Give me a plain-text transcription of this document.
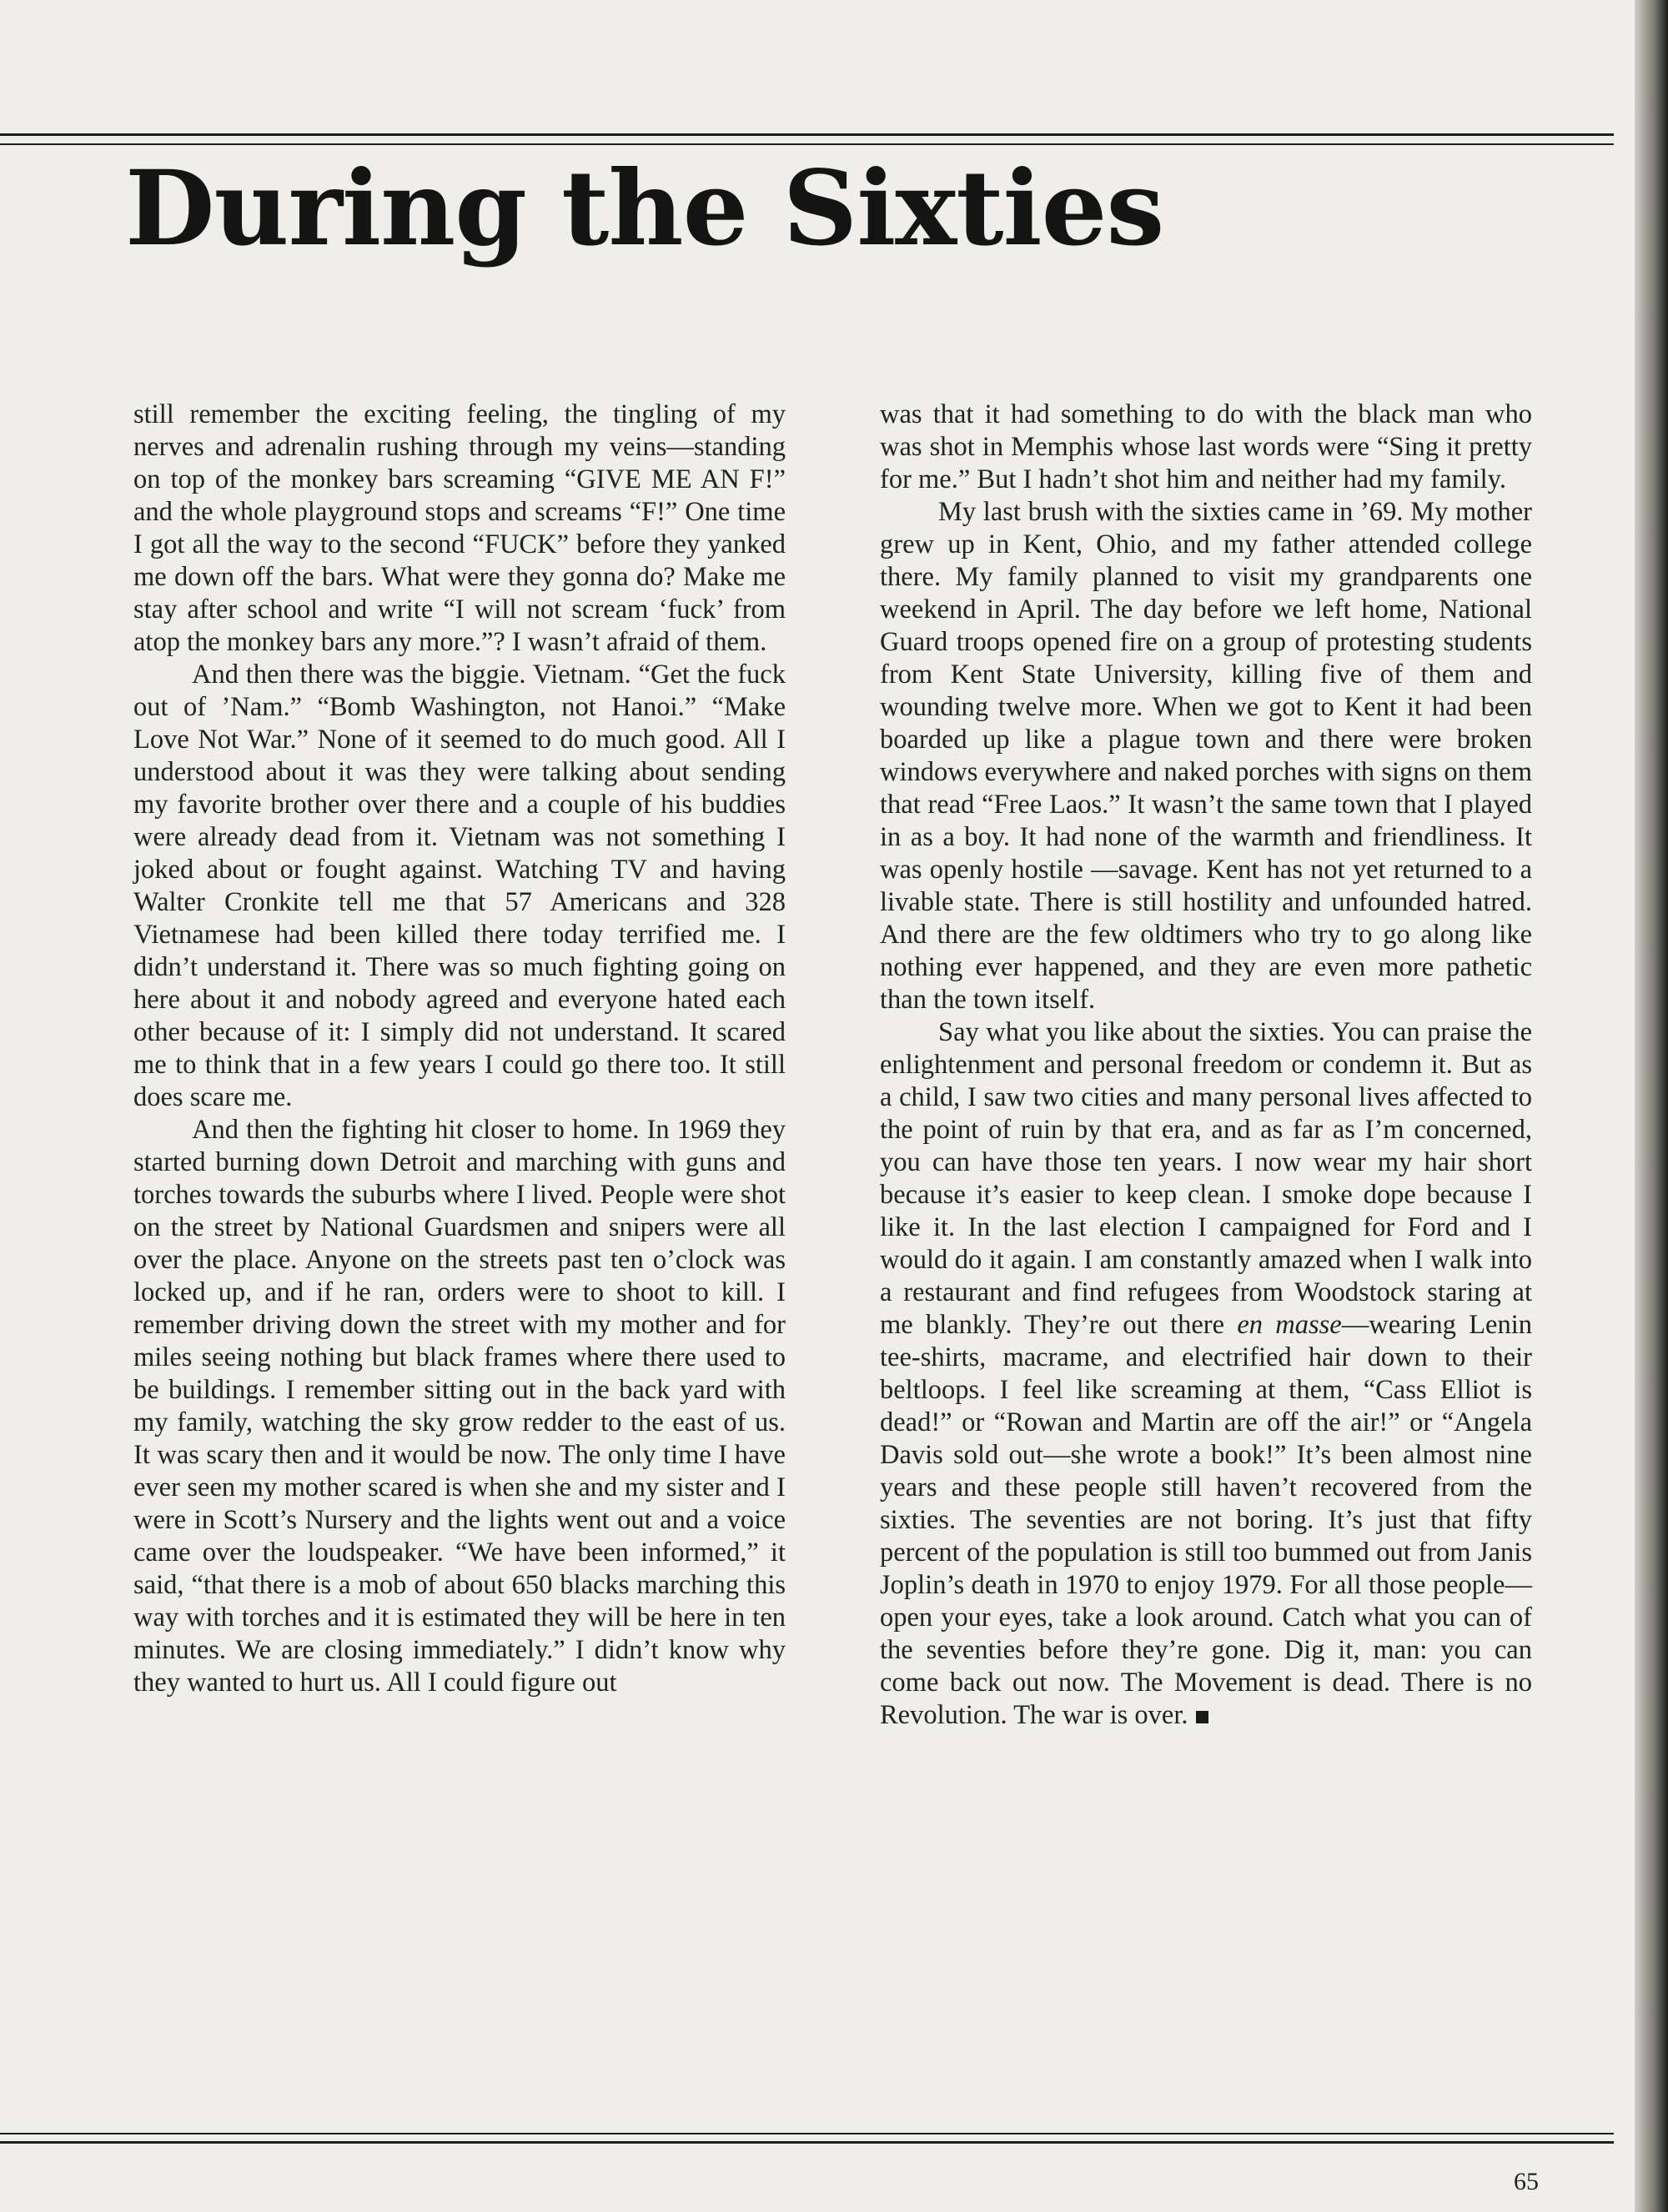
During the Sixties

still remember the exciting feeling, the tingling of my nerves and adrenalin rushing through my veins—standing on top of the monkey bars screaming “GIVE ME AN F!” and the whole playground stops and screams “F!” One time I got all the way to the second “FUCK” before they yanked me down off the bars. What were they gonna do? Make me stay after school and write “I will not scream ‘fuck’ from atop the monkey bars any more.”? I wasn’t afraid of them.

And then there was the biggie. Vietnam. “Get the fuck out of ’Nam.” “Bomb Washington, not Hanoi.” “Make Love Not War.” None of it seemed to do much good. All I understood about it was they were talking about sending my favorite brother over there and a couple of his buddies were already dead from it. Vietnam was not something I joked about or fought against. Watching TV and having Walter Cronkite tell me that 57 Americans and 328 Vietnamese had been killed there today terrified me. I didn’t understand it. There was so much fighting going on here about it and nobody agreed and everyone hated each other because of it: I simply did not understand. It scared me to think that in a few years I could go there too. It still does scare me.

And then the fighting hit closer to home. In 1969 they started burning down Detroit and marching with guns and torches towards the suburbs where I lived. People were shot on the street by National Guardsmen and snipers were all over the place. Anyone on the streets past ten o’clock was locked up, and if he ran, orders were to shoot to kill. I remember driving down the street with my mother and for miles seeing nothing but black frames where there used to be buildings. I remember sitting out in the back yard with my family, watching the sky grow redder to the east of us. It was scary then and it would be now. The only time I have ever seen my mother scared is when she and my sister and I were in Scott’s Nursery and the lights went out and a voice came over the loudspeaker. “We have been informed,” it said, “that there is a mob of about 650 blacks marching this way with torches and it is estimated they will be here in ten minutes. We are closing immediately.” I didn’t know why they wanted to hurt us. All I could figure out

was that it had something to do with the black man who was shot in Memphis whose last words were “Sing it pretty for me.” But I hadn’t shot him and neither had my family.

My last brush with the sixties came in ’69. My mother grew up in Kent, Ohio, and my father attended college there. My family planned to visit my grandparents one weekend in April. The day before we left home, National Guard troops opened fire on a group of protesting students from Kent State University, killing five of them and wounding twelve more. When we got to Kent it had been boarded up like a plague town and there were broken windows everywhere and naked porches with signs on them that read “Free Laos.” It wasn’t the same town that I played in as a boy. It had none of the warmth and friendliness. It was openly hostile —savage. Kent has not yet returned to a livable state. There is still hostility and unfounded hatred. And there are the few oldtimers who try to go along like nothing ever happened, and they are even more pathetic than the town itself.

Say what you like about the sixties. You can praise the enlightenment and personal freedom or condemn it. But as a child, I saw two cities and many personal lives affected to the point of ruin by that era, and as far as I’m concerned, you can have those ten years. I now wear my hair short because it’s easier to keep clean. I smoke dope because I like it. In the last election I campaigned for Ford and I would do it again. I am constantly amazed when I walk into a restaurant and find refugees from Woodstock staring at me blankly. They’re out there en masse—wearing Lenin tee-shirts, macrame, and electrified hair down to their beltloops. I feel like screaming at them, “Cass Elliot is dead!” or “Rowan and Martin are off the air!” or “Angela Davis sold out—she wrote a book!” It’s been almost nine years and these people still haven’t recovered from the sixties. The seventies are not boring. It’s just that fifty percent of the population is still too bummed out from Janis Joplin’s death in 1970 to enjoy 1979. For all those people—open your eyes, take a look around. Catch what you can of the seventies before they’re gone. Dig it, man: you can come back out now. The Movement is dead. There is no Revolution. The war is over.

65
